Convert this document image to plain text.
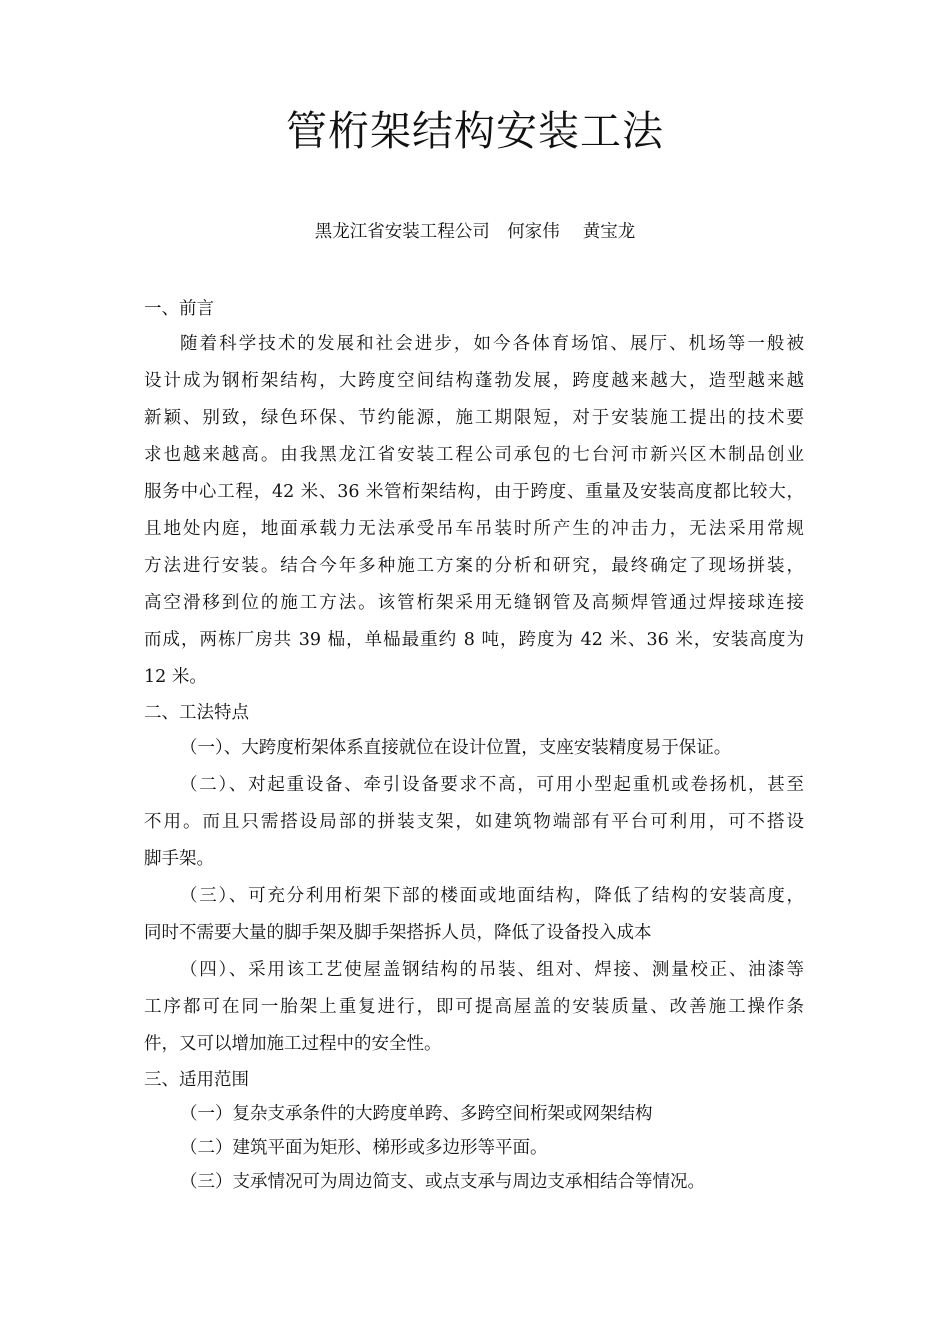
管桁架结构安装工法
黑龙江省安装工程公司　何家伟　 黄宝龙
一、前言
随着科学技术的发展和社会进步，如今各体育场馆、展厅、机场等一般被
设计成为钢桁架结构，大跨度空间结构蓬勃发展，跨度越来越大，造型越来越
新颖、别致，绿色环保、节约能源，施工期限短，对于安装施工提出的技术要
求也越来越高。由我黑龙江省安装工程公司承包的七台河市新兴区木制品创业
服务中心工程，42 米、36 米管桁架结构，由于跨度、重量及安装高度都比较大，
且地处内庭，地面承载力无法承受吊车吊装时所产生的冲击力，无法采用常规
方法进行安装。结合今年多种施工方案的分析和研究，最终确定了现场拼装，
高空滑移到位的施工方法。该管桁架采用无缝钢管及高频焊管通过焊接球连接
而成，两栋厂房共 39 榀，单榀最重约 8 吨，跨度为 42 米、36 米，安装高度为
12 米。
二、工法特点
（一）、大跨度桁架体系直接就位在设计位置，支座安装精度易于保证。
（二）、对起重设备、牵引设备要求不高，可用小型起重机或卷扬机，甚至
不用。而且只需搭设局部的拼装支架，如建筑物端部有平台可利用，可不搭设
脚手架。
（三）、可充分利用桁架下部的楼面或地面结构，降低了结构的安装高度，
同时不需要大量的脚手架及脚手架搭拆人员，降低了设备投入成本
（四）、采用该工艺使屋盖钢结构的吊装、组对、焊接、测量校正、油漆等
工序都可在同一胎架上重复进行，即可提高屋盖的安装质量、改善施工操作条
件，又可以增加施工过程中的安全性。
三、适用范围
（一）复杂支承条件的大跨度单跨、多跨空间桁架或网架结构
（二）建筑平面为矩形、梯形或多边形等平面。
（三）支承情况可为周边简支、或点支承与周边支承相结合等情况。
